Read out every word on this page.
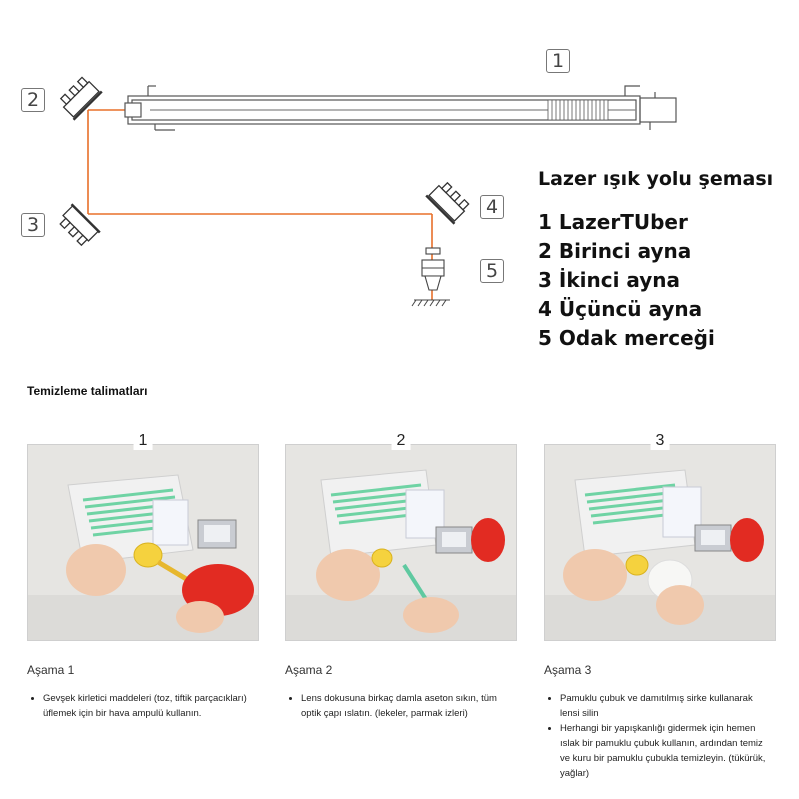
1
2
3
4
5
Lazer ışık yolu şeması
1 LazerTUber
2 Birinci ayna
3 İkinci ayna
4 Üçüncü ayna
5 Odak merceği
Temizleme talimatları
1
Aşama 1
• Gevşek kirletici maddeleri (toz, tiftik parçacıkları) üflemek için bir hava ampulü kullanın.
2
Aşama 2
• Lens dokusuna birkaç damla aseton sıkın, tüm optik çapı ıslatın. (lekeler, parmak izleri)
3
Aşama 3
• Pamuklu çubuk ve damıtılmış sirke kullanarak lensi silin
• Herhangi bir yapışkanlığı gidermek için hemen ıslak bir pamuklu çubuk kullanın, ardından temiz ve kuru bir pamuklu çubukla temizleyin. (tükürük, yağlar)
